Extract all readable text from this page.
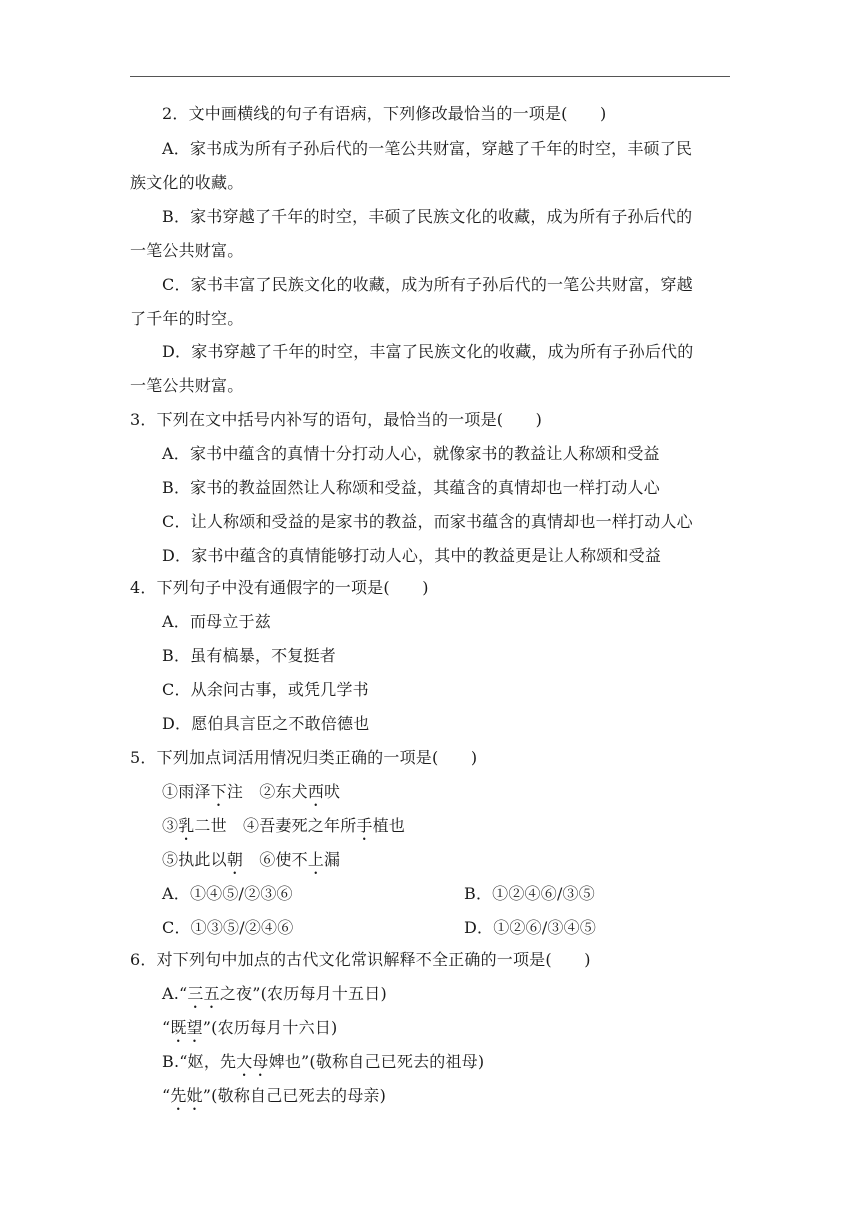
2．文中画横线的句子有语病，下列修改最恰当的一项是(　　)
A．家书成为所有子孙后代的一笔公共财富，穿越了千年的时空，丰硕了民
族文化的收藏。
B．家书穿越了千年的时空，丰硕了民族文化的收藏，成为所有子孙后代的
一笔公共财富。
C．家书丰富了民族文化的收藏，成为所有子孙后代的一笔公共财富，穿越
了千年的时空。
D．家书穿越了千年的时空，丰富了民族文化的收藏，成为所有子孙后代的
一笔公共财富。
3．下列在文中括号内补写的语句，最恰当的一项是(　　)
A．家书中蕴含的真情十分打动人心，就像家书的教益让人称颂和受益
B．家书的教益固然让人称颂和受益，其蕴含的真情却也一样打动人心
C．让人称颂和受益的是家书的教益，而家书蕴含的真情却也一样打动人心
D．家书中蕴含的真情能够打动人心，其中的教益更是让人称颂和受益
4．下列句子中没有通假字的一项是(　　)
A．而母立于兹
B．虽有槁暴，不复挺者
C．从余问古事，或凭几学书
D．愿伯具言臣之不敢倍德也
5．下列加点词活用情况归类正确的一项是(　　)
①雨泽下注　②东犬西吠
③乳二世　④吾妻死之年所手植也
⑤执此以朝　⑥使不上漏
A．①④⑤/②③⑥	B．①②④⑥/③⑤
C．①③⑤/②④⑥	D．①②⑥/③④⑤
6．对下列句中加点的古代文化常识解释不全正确的一项是(　　)
A.“三五之夜”(农历每月十五日)
“既望”(农历每月十六日)
B.“妪，先大母婢也”(敬称自己已死去的祖母)
“先妣”(敬称自己已死去的母亲)
